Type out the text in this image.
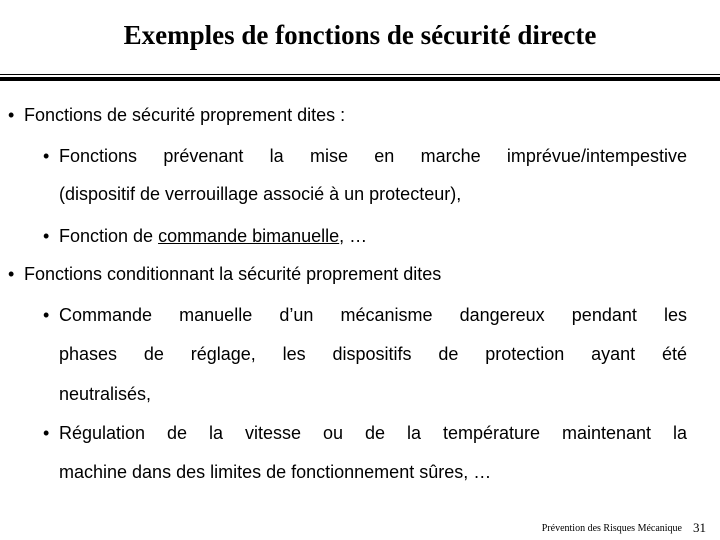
Exemples de fonctions de sécurité directe
• Fonctions de sécurité proprement dites :
• Fonctions prévenant la mise en marche imprévue/intempestive
(dispositif de verrouillage associé à un protecteur),
• Fonction de commande bimanuelle, …
• Fonctions conditionnant la sécurité proprement dites
• Commande manuelle d’un mécanisme dangereux pendant les
phases de réglage, les dispositifs de protection ayant été
neutralisés,
• Régulation de la vitesse ou de la température maintenant la
machine dans des limites de fonctionnement sûres, …
Prévention des Risques Mécanique 31
